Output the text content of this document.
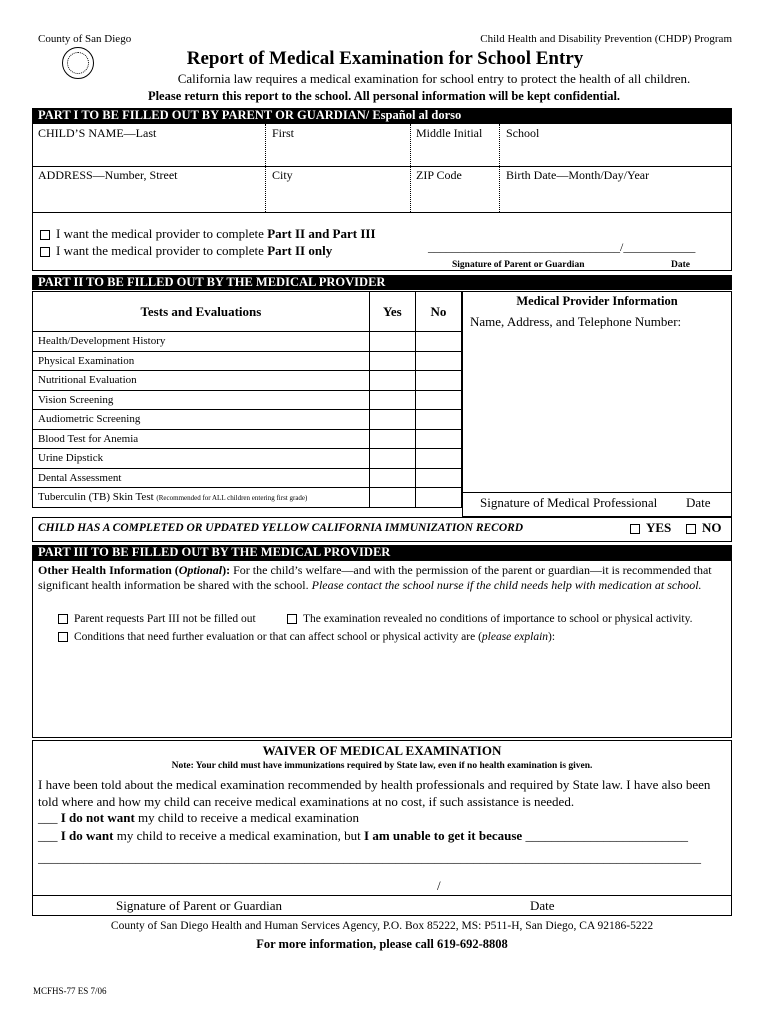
County of San Diego	Child Health and Disability Prevention (CHDP) Program
Report of Medical Examination for School Entry
California law requires a medical examination for school entry to protect the health of all children.
Please return this report to the school. All personal information will be kept confidential.
PART I TO BE FILLED OUT BY PARENT OR GUARDIAN/ Español al dorso
CHILD’S NAME—Last	First	Middle Initial School
ADDRESS—Number, Street	City	ZIP Code	Birth Date—Month/Day/Year
I want the medical provider to complete Part II and Part III
I want the medical provider to complete Part II only	________________________________/____________
Signature of Parent or Guardian	Date
PART II TO BE FILLED OUT BY THE MEDICAL PROVIDER
Tests and Evaluations	Yes	No
Health/Development History		
Physical Examination		
Nutritional Evaluation		
Vision Screening		
Audiometric Screening		
Blood Test for Anemia		
Urine Dipstick		
Dental Assessment		
Tuberculin (TB) Skin Test (Recommended for ALL children entering first grade)		
Medical Provider Information
Name, Address, and Telephone Number:
Signature of Medical Professional Date
CHILD HAS A COMPLETED OR UPDATED YELLOW CALIFORNIA IMMUNIZATION RECORD	YES	NO
PART III TO BE FILLED OUT BY THE MEDICAL PROVIDER
Other Health Information (Optional): For the child’s welfare—and with the permission of the parent or guardian—it is recommended that significant health information be shared with the school. Please contact the school nurse if the child needs help with medication at school.
Parent requests Part III not be filled out	The examination revealed no conditions of importance to school or physical activity.
Conditions that need further evaluation or that can affect school or physical activity are (please explain):
WAIVER OF MEDICAL EXAMINATION
Note: Your child must have immunizations required by State law, even if no health examination is given.
I have been told about the medical examination recommended by health professionals and required by State law. I have also been told where and how my child can receive medical examinations at no cost, if such assistance is needed.
___ I do not want my child to receive a medical examination
___ I do want my child to receive a medical examination, but I am unable to get it because _________________________
______________________________________________________________________________________________________
/
Signature of Parent or Guardian	Date
County of San Diego Health and Human Services Agency, P.O. Box 85222, MS: P511-H, San Diego, CA 92186-5222
For more information, please call 619-692-8808
MCFHS-77 ES 7/06
